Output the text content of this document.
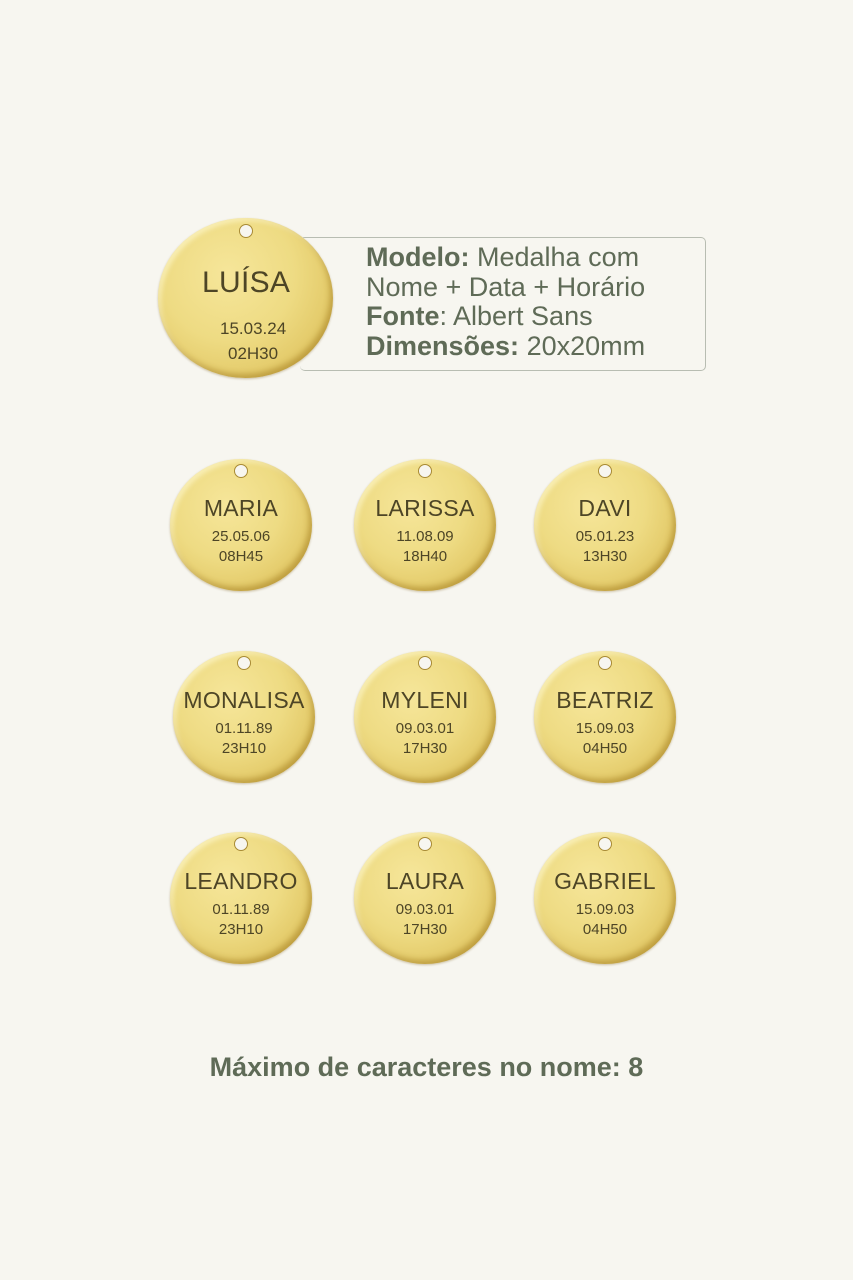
LUÍSA
15.03.24
02H30
Modelo: Medalha com
Nome + Data + Horário
Fonte: Albert Sans
Dimensões: 20x20mm
MARIA
25.05.06
08H45
LARISSA
11.08.09
18H40
DAVI
05.01.23
13H30
MONALISA
01.11.89
23H10
MYLENI
09.03.01
17H30
BEATRIZ
15.09.03
04H50
LEANDRO
01.11.89
23H10
LAURA
09.03.01
17H30
GABRIEL
15.09.03
04H50
Máximo de caracteres no nome: 8
